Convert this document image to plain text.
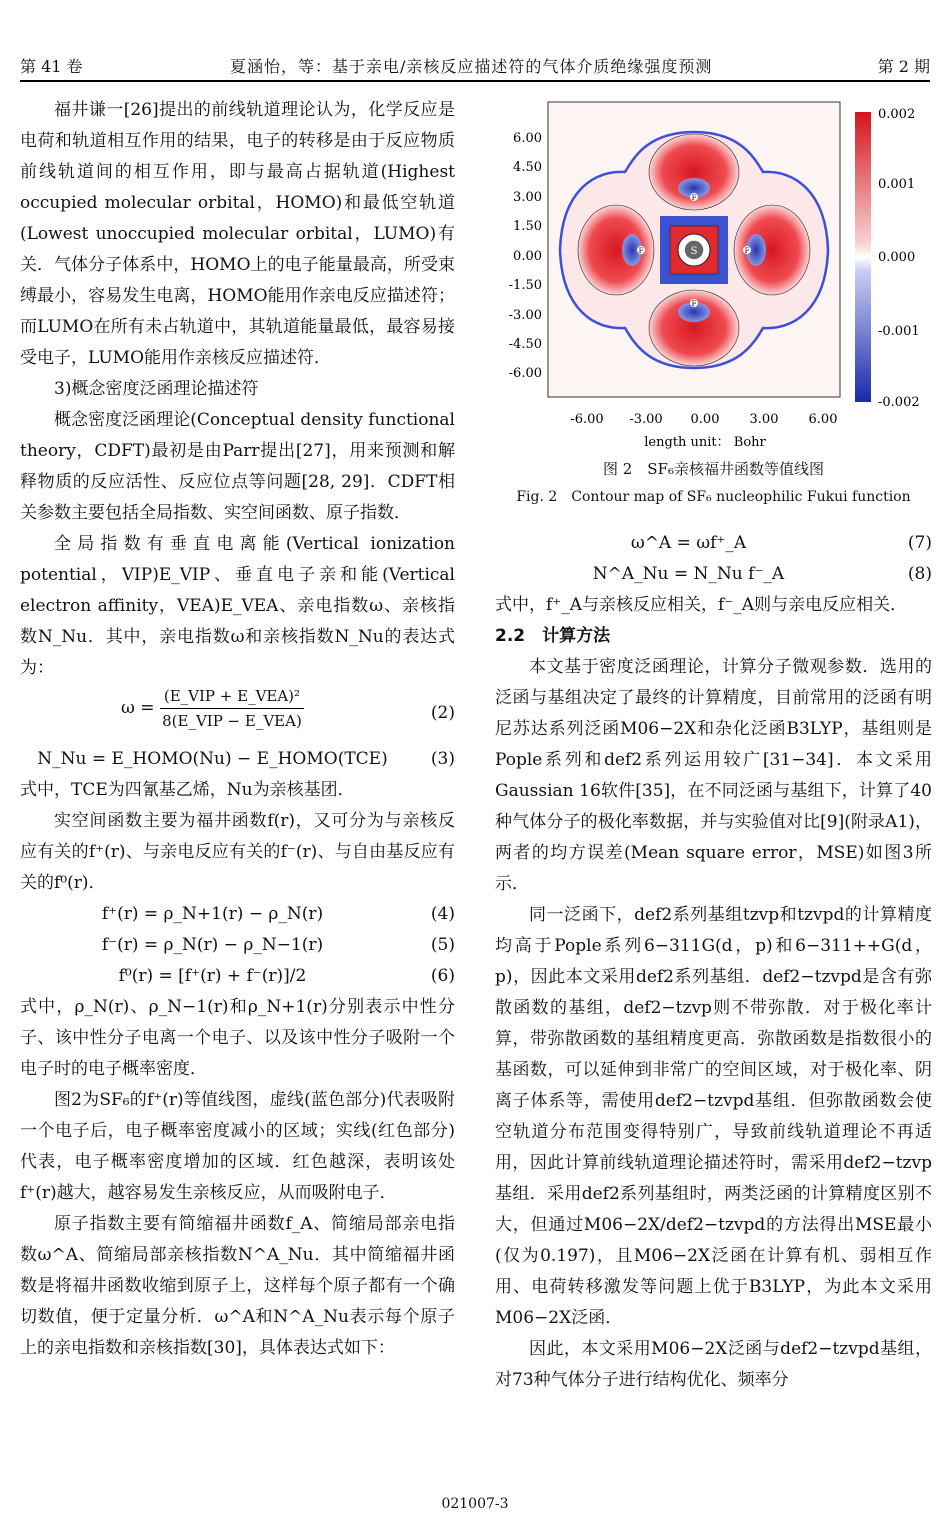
第 41 卷	夏涵怡，等：基于亲电/亲核反应描述符的气体介质绝缘强度预测	第 2 期

福井谦一[26]提出的前线轨道理论认为，化学反应是电荷和轨道相互作用的结果，电子的转移是由于反应物质前线轨道间的相互作用，即与最高占据轨道(Highest occupied molecular orbital，HOMO)和最低空轨道(Lowest unoccupied molecular orbital，LUMO)有关．气体分子体系中，HOMO上的电子能量最高，所受束缚最小，容易发生电离，HOMO能用作亲电反应描述符；而LUMO在所有未占轨道中，其轨道能量最低，最容易接受电子，LUMO能用作亲核反应描述符．

3)概念密度泛函理论描述符

概念密度泛函理论(Conceptual density functional theory，CDFT)最初是由Parr提出[27]，用来预测和解释物质的反应活性、反应位点等问题[28, 29]．CDFT相关参数主要包括全局指数、实空间函数、原子指数．

全局指数有垂直电离能(Vertical ionization potential，VIP)E_VIP、垂直电子亲和能(Vertical electron affinity，VEA)E_VEA、亲电指数ω、亲核指数N_Nu．其中，亲电指数ω和亲核指数N_Nu的表达式为：

$\omega = \frac{\text{(E\_VIP + E\_VEA)²}}{\text{8(E\_VIP − E\_VEA)}}$	(2)
N_Nu = E_HOMO(Nu) − E_HOMO(TCE)	(3)

式中，TCE为四氰基乙烯，Nu为亲核基团．

实空间函数主要为福井函数f(r)，又可分为与亲核反应有关的f⁺(r)、与亲电反应有关的f⁻(r)、与自由基反应有关的f⁰(r)．

f⁺(r) = ρ_N+1(r) − ρ_N(r)	(4)
f⁻(r) = ρ_N(r) − ρ_N−1(r)	(5)
f⁰(r) = [f⁺(r) + f⁻(r)]/2	(6)

式中，ρ_N(r)、ρ_N−1(r)和ρ_N+1(r)分别表示中性分子、该中性分子电离一个电子、以及该中性分子吸附一个电子时的电子概率密度．

图2为SF₆的f⁺(r)等值线图，虚线(蓝色部分)代表吸附一个电子后，电子概率密度减小的区域；实线(红色部分)代表，电子概率密度增加的区域．红色越深，表明该处f⁺(r)越大，越容易发生亲核反应，从而吸附电子．

原子指数主要有简缩福井函数f_A、简缩局部亲电指数ω^A、简缩局部亲核指数N^A_Nu．其中简缩福井函数是将福井函数收缩到原子上，这样每个原子都有一个确切数值，便于定量分析．ω^A和N^A_Nu表示每个原子上的亲电指数和亲核指数[30]，具体表达式如下：

S
F
F
F	F
6.00
4.50
3.00
1.50
0.00
-1.50
-3.00
-4.50
-6.00
-6.00 -3.00 0.00 3.00 6.00
length unit： Bohr
0.002
0.001
0.000
-0.001
-0.002
图 2　SF₆亲核福井函数等值线图
Fig. 2　Contour map of SF₆ nucleophilic Fukui function
ω^A = ωf⁺_A	(7)
N^A_Nu = N_Nu f⁻_A	(8)

式中，f⁺_A与亲核反应相关，f⁻_A则与亲电反应相关．

2.2　计算方法

本文基于密度泛函理论，计算分子微观参数．选用的泛函与基组决定了最终的计算精度，目前常用的泛函有明尼苏达系列泛函M06−2X和杂化泛函B3LYP，基组则是Pople系列和def2系列运用较广[31−34]．本文采用Gaussian 16软件[35]，在不同泛函与基组下，计算了40种气体分子的极化率数据，并与实验值对比[9](附录A1)，两者的均方误差(Mean square error，MSE)如图3所示．

同一泛函下，def2系列基组tzvp和tzvpd的计算精度均高于Pople系列6−311G(d，p)和6−311++G(d，p)，因此本文采用def2系列基组．def2−tzvpd是含有弥散函数的基组，def2−tzvp则不带弥散．对于极化率计算，带弥散函数的基组精度更高．弥散函数是指数很小的基函数，可以延伸到非常广的空间区域，对于极化率、阴离子体系等，需使用def2−tzvpd基组．但弥散函数会使空轨道分布范围变得特别广，导致前线轨道理论不再适用，因此计算前线轨道理论描述符时，需采用def2−tzvp基组．采用def2系列基组时，两类泛函的计算精度区别不大，但通过M06−2X/def2−tzvpd的方法得出MSE最小(仅为0.197)，且M06−2X泛函在计算有机、弱相互作用、电荷转移激发等问题上优于B3LYP，为此本文采用M06−2X泛函．

因此，本文采用M06−2X泛函与def2−tzvpd基组，对73种气体分子进行结构优化、频率分

021007-3
